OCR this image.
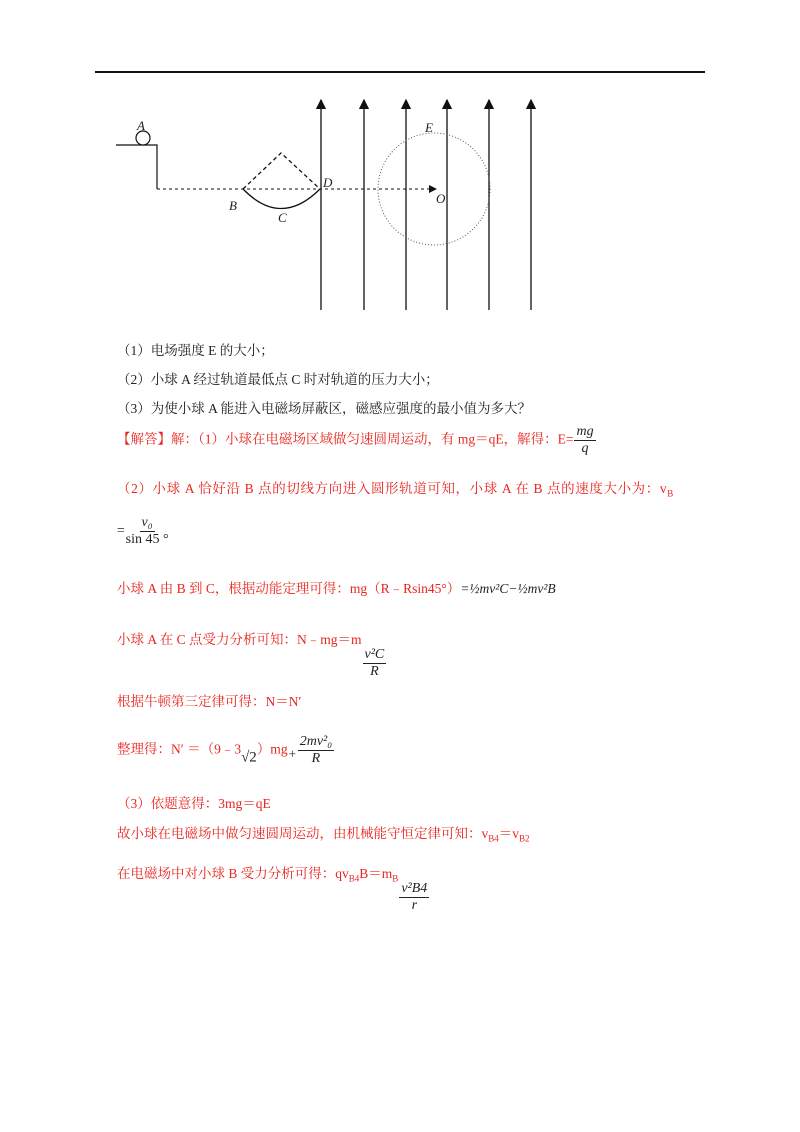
A
B
C
D
E
O
（1）电场强度 E 的大小；
（2）小球 A 经过轨道最低点 C 时对轨道的压力大小；
（3）为使小球 A 能进入电磁场屏蔽区，磁感应强度的最小值为多大？
【解答】解：（1）小球在电磁场区域做匀速圆周运动，有 mg＝qE，解得：$E= \frac{mg}{q}$
（2）小球 A 恰好沿 B 点的切线方向进入圆形轨道可知，小球 A 在 B 点的速度大小为：$v_B$
= $\frac{\text{v₀}}{\sin 45 ^\circ}$
小球 A 由 B 到 C，根据动能定理可得：mg（R﹣Rsin45°）=½mv²C−½mv²B
小球 A 在 C 点受力分析可知：N﹣mg＝m
$\frac{\text{v²C}}{R}$
根据牛顿第三定律可得：N＝N′
整理得：N′ ＝（9﹣3√2）mg+ $\frac{\text{2mv²₀}}{R}$
（3）依题意得：3mg＝qE
故小球在电磁场中做匀速圆周运动，由机械能守恒定律可知：$v_{B4}=v_{B2}$
在电磁场中对小球 B 受力分析可得：$qv_{B4}B=m_B$
$\frac{\text{v²B4}}{r}$
